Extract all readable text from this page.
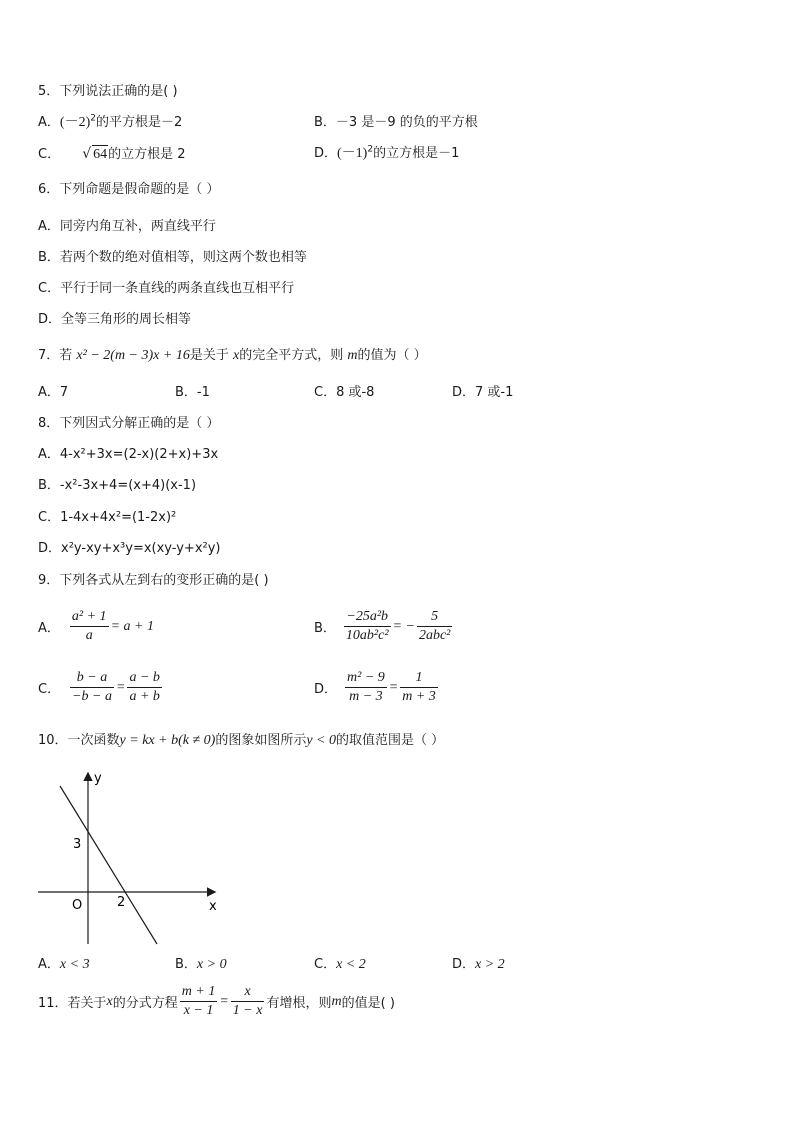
5．下列说法正确的是( )
A．$(-2)^2$的平方根是－2	B．－3 是－9 的负的平方根
C． √ 64的立方根是 2	D．$(-1)^2$的立方根是－1
6．下列命题是假命题的是（ ）
A．同旁内角互补，两直线平行
B．若两个数的绝对值相等，则这两个数也相等
C．平行于同一条直线的两条直线也互相平行
D．全等三角形的周长相等
7．若 x² − 2(m − 3)x + 16是关于 x的完全平方式，则 m的值为（ ）
A．7	B．-1	C．8 或-8	D．7 或-1
8．下列因式分解正确的是（ ）
A．4-x²+3x=(2-x)(2+x)+3x
B．-x²-3x+4=(x+4)(x-1)
C．1-4x+4x²=(1-2x)²
D．x²y-xy+x³y=x(xy-y+x²y)
9．下列各式从左到右的变形正确的是( )
A． $\frac{\text{a² + 1}}{a} = a + 1$	B． $\frac{\text{−25a²b}}{\text{10ab²c²}}$ = − $\frac{5}{\text{2abc²}}$
C． $\frac{b - a}{-b - a} = \frac{a - b}{a + b}$	D． $\frac{\text{m² − 9}}{m - 3} = \frac{1}{m + 3}$
10．一次函数y = kx + b(k ≠ 0)的图象如图所示y < 0的取值范围是（ ）
y
x
O
3
2
A．x < 3	B．x > 0	C．x < 2	D．x > 2
11．若关于 x 的分式方程 $\frac{m + 1}{x - 1} = \frac{x}{1 - x}$ 有增根，则 m 的值是( )
